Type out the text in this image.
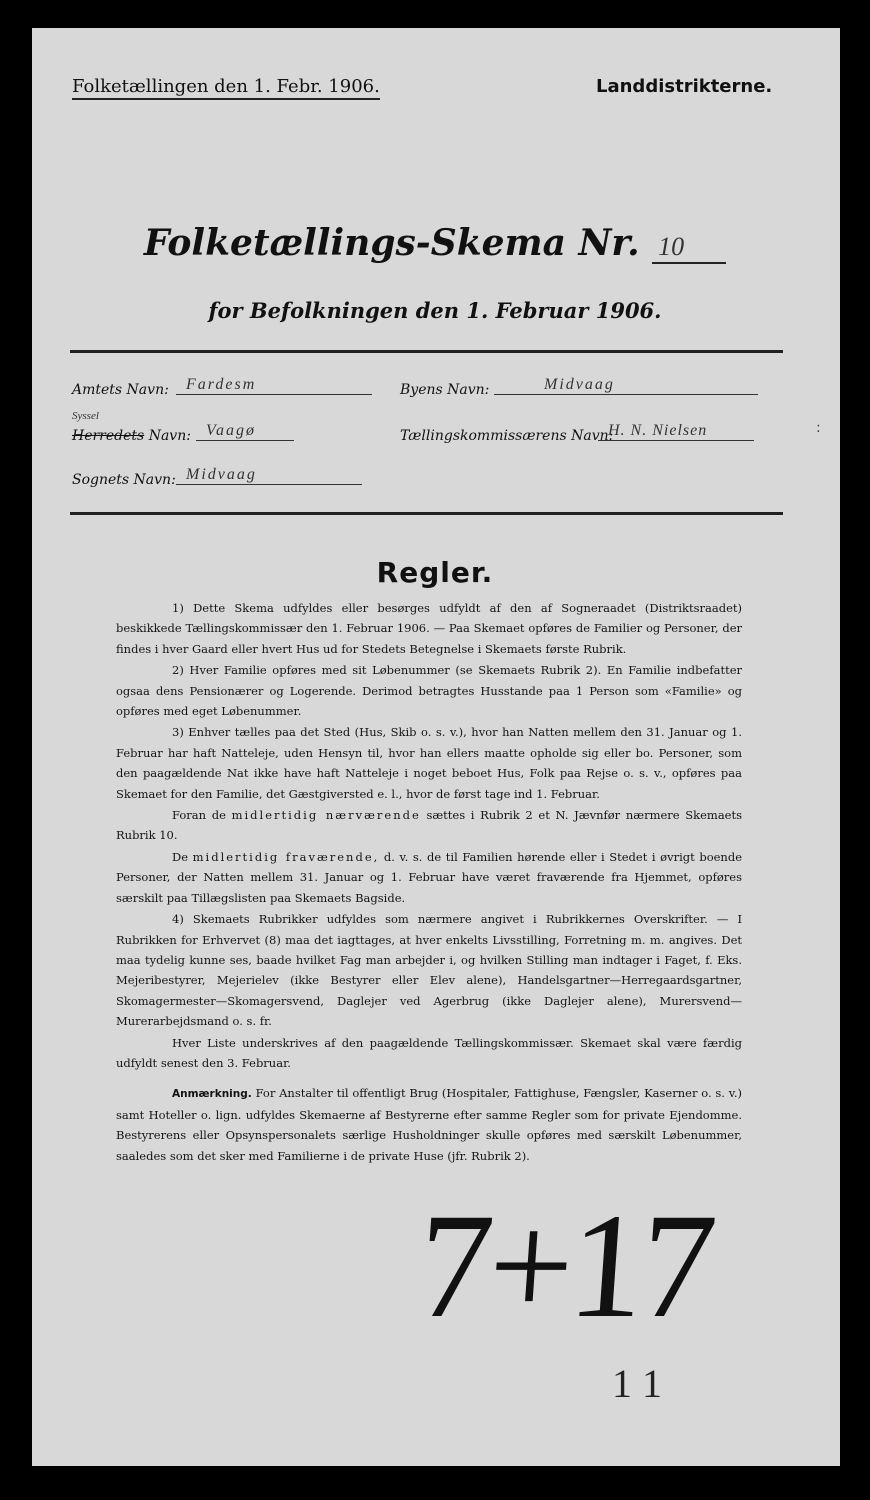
Folketællingen den 1. Febr. 1906.	Landdistrikterne.
Folketællings-Skema Nr. 10
for Befolkningen den 1. Februar 1906.
Amtets Navn:	Fardesm	Byens Navn:	Midvaag
Syssel
Herredets Navn: Vaagø	Tællingskommissærens Navn:
H. N. Nielsen
Sognets Navn: Midvaag
Regler.

1) Dette Skema udfyldes eller besørges udfyldt af den af Sogneraadet (Distriktsraadet) beskikkede Tællingskommissær den 1. Februar 1906. — Paa Skemaet opføres de Familier og Personer, der findes i hver Gaard eller hvert Hus ud for Stedets Betegnelse i Skemaets første Rubrik.

2) Hver Familie opføres med sit Løbenummer (se Skemaets Rubrik 2). En Familie indbefatter ogsaa dens Pensionærer og Logerende. Derimod betragtes Husstande paa 1 Person som «Familie» og opføres med eget Løbenummer.

3) Enhver tælles paa det Sted (Hus, Skib o. s. v.), hvor han Natten mellem den 31. Januar og 1. Februar har haft Natteleje, uden Hensyn til, hvor han ellers maatte opholde sig eller bo. Personer, som den paagældende Nat ikke have haft Natteleje i noget beboet Hus, Folk paa Rejse o. s. v., opføres paa Skemaet for den Familie, det Gæstgiversted e. l., hvor de først tage ind 1. Februar.

Foran de midlertidig nærværende sættes i Rubrik 2 et N. Jævnfør nærmere Skemaets Rubrik 10.

De midlertidig fraværende, d. v. s. de til Familien hørende eller i Stedet i øvrigt boende Personer, der Natten mellem 31. Januar og 1. Februar have været fraværende fra Hjemmet, opføres særskilt paa Tillægslisten paa Skemaets Bagside.

4) Skemaets Rubrikker udfyldes som nærmere angivet i Rubrikkernes Overskrifter. — I Rubrikken for Erhvervet (8) maa det iagttages, at hver enkelts Livsstilling, Forretning m. m. angives. Det maa tydelig kunne ses, baade hvilket Fag man arbejder i, og hvilken Stilling man indtager i Faget, f. Eks. Mejeribestyrer, Mejerielev (ikke Bestyrer eller Elev alene), Handelsgartner—Herregaardsgartner, Skomagermester—Skomagersvend, Daglejer ved Agerbrug (ikke Daglejer alene), Murersvend—Murerarbejdsmand o. s. fr.

Hver Liste underskrives af den paagældende Tællingskommissær. Skemaet skal være færdig udfyldt senest den 3. Februar.

Anmærkning. For Anstalter til offentligt Brug (Hospitaler, Fattighuse, Fængsler, Kaserner o. s. v.) samt Hoteller o. lign. udfyldes Skemaerne af Bestyrerne efter samme Regler som for private Ejendomme. Bestyrerens eller Opsynspersonalets særlige Husholdninger skulle opføres med særskilt Løbenummer, saaledes som det sker med Familierne i de private Huse (jfr. Rubrik 2).

7+17
1 1
:
